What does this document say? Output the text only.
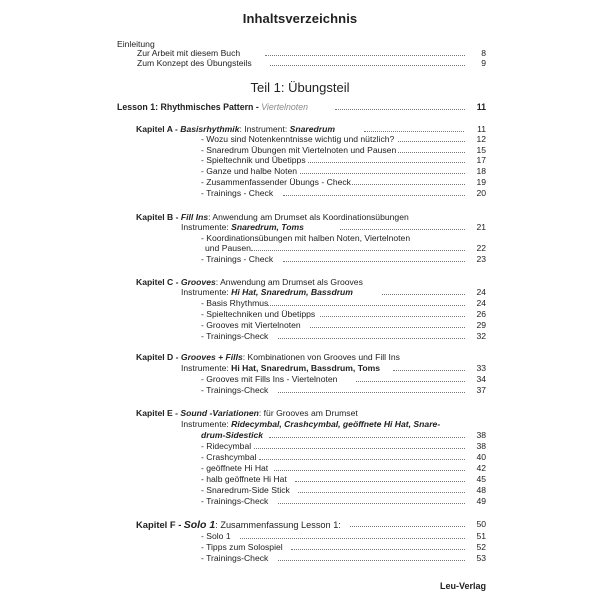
Inhaltsverzeichnis
Einleitung
Zur Arbeit mit diesem Buch	8
Zum Konzept des Übungsteils	9
Teil 1: Übungsteil
Lesson 1: Rhythmisches Pattern - Viertelnoten	11
Kapitel A - Basisrhythmik: Instrument: Snaredrum	11
- Wozu sind Notenkenntnisse wichtig und nützlich?	12
- Snaredrum Übungen mit Viertelnoten und Pausen	15
- Spieltechnik und Übetipps	17
- Ganze und halbe Noten	18
- Zusammenfassender Übungs - Check	19
- Trainings - Check	20
Kapitel B - Fill Ins: Anwendung am Drumset als Koordinationsübungen
Instrumente: Snaredrum, Toms	21
- Koordinationsübungen mit halben Noten, Viertelnoten
und Pausen	22
- Trainings - Check	23
Kapitel C - Grooves: Anwendung am Drumset als Grooves
Instrumente: Hi Hat, Snaredrum, Bassdrum	24
- Basis Rhythmus	24
- Spieltechniken und Übetipps	26
- Grooves mit Viertelnoten	29
- Trainings-Check	32
Kapitel D - Grooves + Fills: Kombinationen von Grooves und Fill Ins
Instrumente: Hi Hat, Snaredrum, Bassdrum, Toms	33
- Grooves mit Fills Ins - Viertelnoten	34
- Trainings-Check	37
Kapitel E - Sound -Variationen: für Grooves am Drumset
Instrumente: Ridecymbal, Crashcymbal, geöffnete Hi Hat, Snare-
drum-Sidestick	38
- Ridecymbal	38
- Crashcymbal	40
- geöffnete Hi Hat	42
- halb geöffnete Hi Hat	45
- Snaredrum-Side Stick	48
- Trainings-Check	49
Kapitel F - Solo 1: Zusammenfassung Lesson 1:	50
- Solo 1	51
- Tipps zum Solospiel	52
- Trainings-Check	53
Leu-Verlag
